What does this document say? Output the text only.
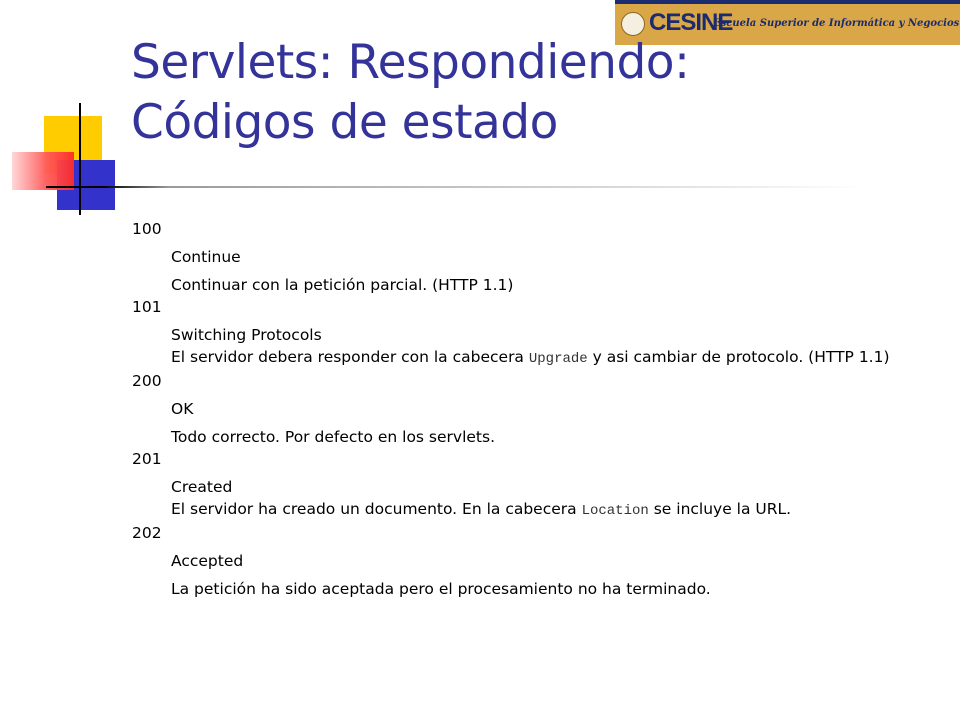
CESINE
Escuela Superior de Informática y Negocios
Servlets: Respondiendo:
Códigos de estado
100
Continue
Continuar con la petición parcial. (HTTP 1.1)
101
Switching Protocols
El servidor debera responder con la cabecera Upgrade y asi cambiar de protocolo. (HTTP 1.1)
200
OK
Todo correcto. Por defecto en los servlets.
201
Created
El servidor ha creado un documento. En la cabecera Location se incluye la URL.
202
Accepted
La petición ha sido aceptada pero el procesamiento no ha terminado.
